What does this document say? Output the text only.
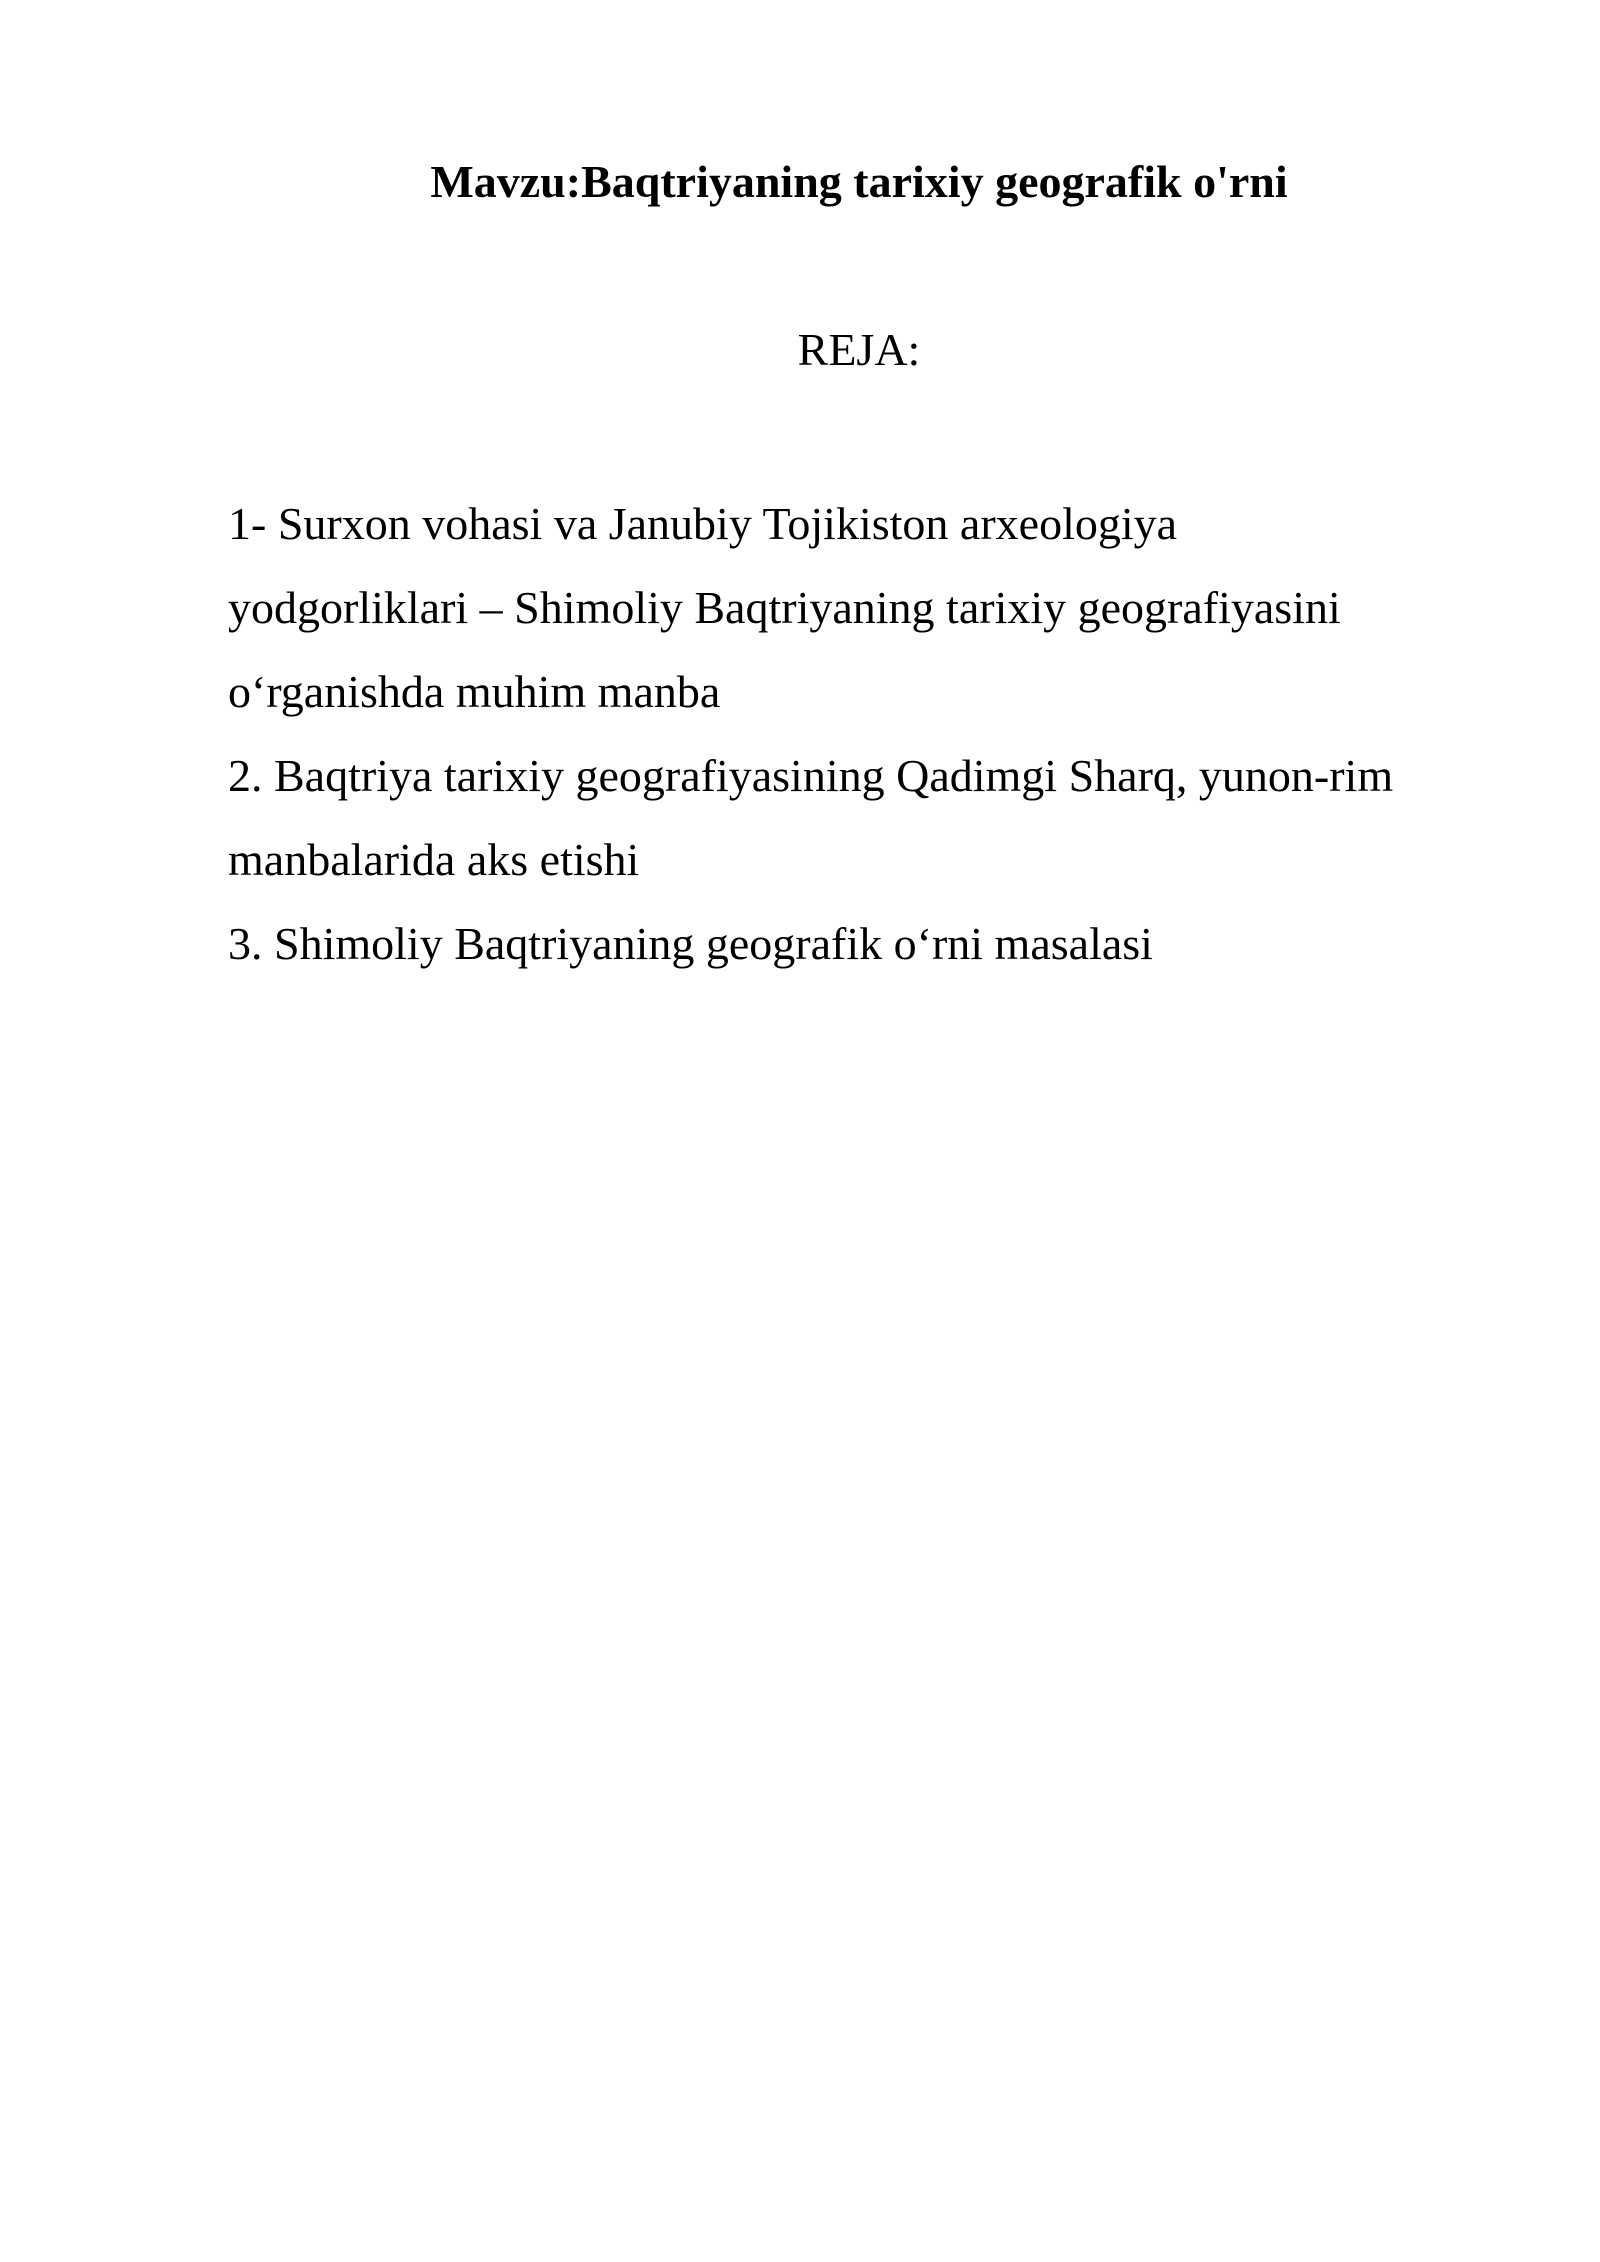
Mavzu:Baqtriyaning tarixiy geografik o'rni
REJA:
1- Surxon vohasi va Janubiy Tojikiston arxeologiya
yodgorliklari – Shimoliy Baqtriyaning tarixiy geografiyasini
o‘rganishda muhim manba
2. Baqtriya tarixiy geografiyasining Qadimgi Sharq, yunon-rim
manbalarida aks etishi
3. Shimoliy Baqtriyaning geografik o‘rni masalasi
